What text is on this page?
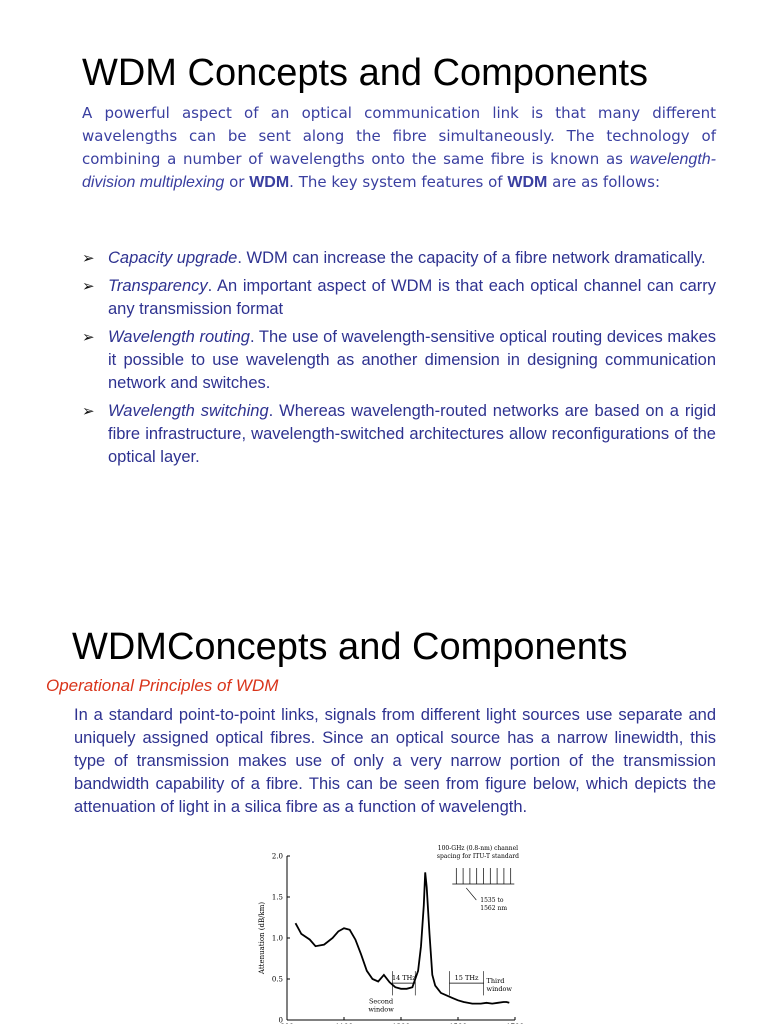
WDM Concepts and Components
A powerful aspect of an optical communication link is that many different wavelengths can be sent along the fibre simultaneously. The technology of combining a number of wavelengths onto the same fibre is known as wavelength-division multiplexing or WDM. The key system features of WDM are as follows:
➢ Capacity upgrade. WDM can increase the capacity of a fibre network dramatically.
➢ Transparency. An important aspect of WDM is that each optical channel can carry any transmission format
➢ Wavelength routing. The use of wavelength-sensitive optical routing devices makes it possible to use wavelength as another dimension in designing communication network and switches.
➢ Wavelength switching. Whereas wavelength-routed networks are based on a rigid fibre infrastructure, wavelength-switched architectures allow reconfigurations of the optical layer.
WDMConcepts and Components
Operational Principles of WDM
In a standard point-to-point links, signals from different light sources use separate and uniquely assigned optical fibres. Since an optical source has a narrow linewidth, this type of transmission makes use of only a very narrow portion of the transmission bandwidth capability of a fibre. This can be seen from figure below, which depicts the attenuation of light in a silica fibre as a function of wavelength.
Attenuation (dB/km)
2.0
1.5
1.0
0.5
0
Second
window
Third
window
14 THz	15 THz
100-GHz (0.8-nm) channel
spacing for ITU-T standard
1535 to
1562 nm
